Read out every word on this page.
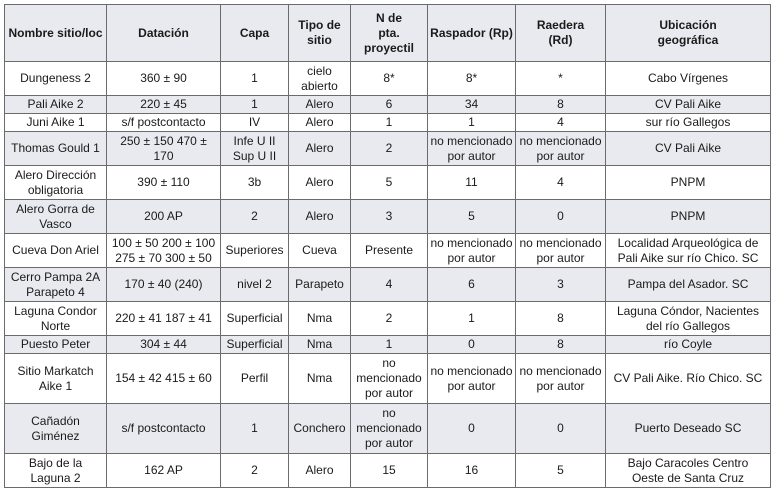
Nombre sitio/loc	Datación	Capa	Tipo de
sitio	N de
pta.
proyectil	Raspador (Rp)	Raedera
(Rd)	Ubicación
geográfica

Dungeness 2	360 ± 90	1	cielo
abierto	8*	8*	*	Cabo Vírgenes

Pali Aike 2	220 ± 45	1	Alero	6	34	8	CV Pali Aike

Juni Aike 1	s/f postcontacto	IV	Alero	1	1	4	sur río Gallegos

Thomas Gould 1	250 ± 150 470 ± 170	Infe U II
Sup U II	Alero	2	no mencionado
por autor	no mencionado
por autor	CV Pali Aike

Alero Dirección
obligatoria	390 ± 110	3b	Alero	5	11	4	PNPM

Alero Gorra de
Vasco	200 AP	2	Alero	3	5	0	PNPM

Cueva Don Ariel	100 ± 50 200 ± 100
275 ± 70 300 ± 50	Superiores	Cueva	Presente	no mencionado
por autor	no mencionado
por autor	Localidad Arqueológica de
Pali Aike sur río Chico. SC

Cerro Pampa 2A
Parapeto 4	170 ± 40 (240)	nivel 2	Parapeto	4	6	3	Pampa del Asador. SC

Laguna Condor
Norte	220 ± 41 187 ± 41	Superficial	Nma	2	1	8	Laguna Cóndor, Nacientes
del río Gallegos

Puesto Peter	304 ± 44	Superficial	Nma	1	0	8	río Coyle

Sitio Markatch
Aike 1	154 ± 42 415 ± 60	Perfil	Nma	no
mencionado
por autor	no mencionado
por autor	no mencionado
por autor	CV Pali Aike. Río Chico. SC

Cañadón
Giménez	s/f postcontacto	1	Conchero	no
mencionado
por autor	0	0	Puerto Deseado SC

Bajo de la
Laguna 2	162 AP	2	Alero	15	16	5	Bajo Caracoles Centro
Oeste de Santa Cruz
